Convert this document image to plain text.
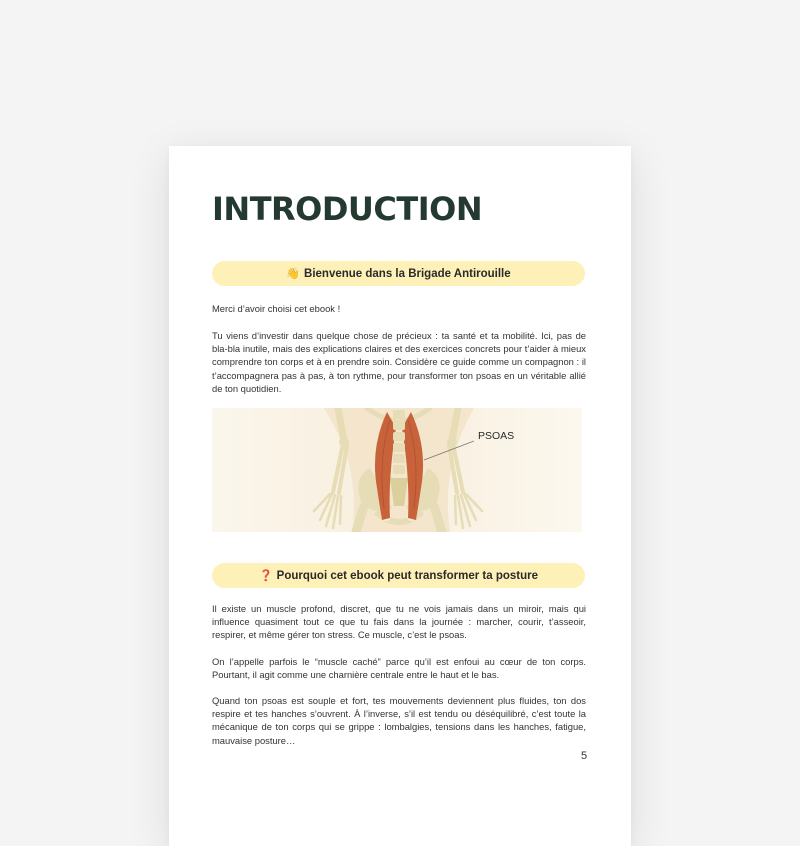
INTRODUCTION
👋 Bienvenue dans la Brigade Antirouille

Merci d’avoir choisi cet ebook !

Tu viens d’investir dans quelque chose de précieux : ta santé et ta mobilité. Ici, pas de bla-bla inutile, mais des explications claires et des exercices concrets pour t’aider à mieux comprendre ton corps et à en prendre soin. Considère ce guide comme un compagnon : il t’accompagnera pas à pas, à ton rythme, pour transformer ton psoas en un véritable allié de ton quotidien.

PSOAS
❓ Pourquoi cet ebook peut transformer ta posture

Il existe un muscle profond, discret, que tu ne vois jamais dans un miroir, mais qui influence quasiment tout ce que tu fais dans la journée : marcher, courir, t’asseoir, respirer, et même gérer ton stress. Ce muscle, c’est le psoas.

On l’appelle parfois le “muscle caché” parce qu’il est enfoui au cœur de ton corps. Pourtant, il agit comme une charnière centrale entre le haut et le bas.

Quand ton psoas est souple et fort, tes mouvements deviennent plus fluides, ton dos respire et tes hanches s’ouvrent. À l’inverse, s’il est tendu ou déséquilibré, c’est toute la mécanique de ton corps qui se grippe : lombalgies, tensions dans les hanches, fatigue, mauvaise posture…

5
